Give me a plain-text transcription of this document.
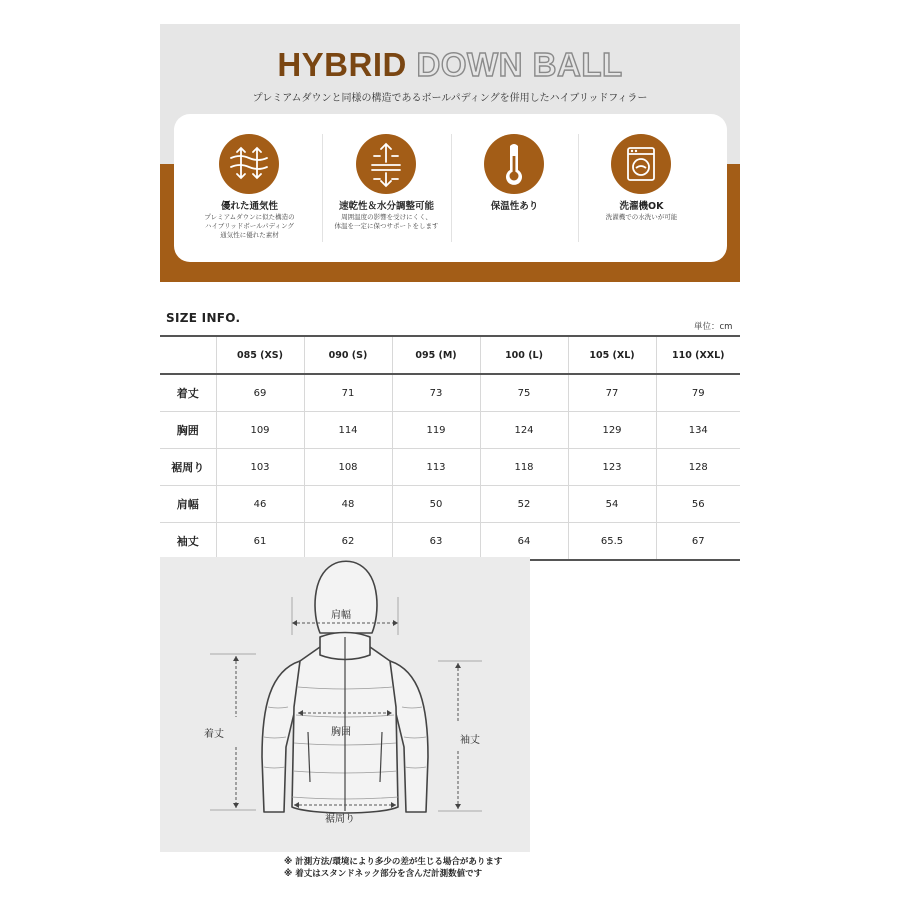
HYBRID DOWN BALL
プレミアムダウンと同様の構造であるボールパディングを併用したハイブリッドフィラー
優れた通気性
プレミアムダウンに似た構造の
ハイブリッドボールパディング
通気性に優れた素材
速乾性＆水分調整可能
周囲温度の影響を受けにくく、
体温を一定に保つサポートをします
保温性あり	洗濯機OK
洗濯機での水洗いが可能
SIZE INFO.
単位：cm
	085 (XS)	090 (S)	095 (M)	100 (L)	105 (XL)	110 (XXL)
着丈	69	71	73	75	77	79
胸囲	109	114	119	124	129	134
裾周り	103	108	113	118	123	128
肩幅	46	48	50	52	54	56
袖丈	61	62	63	64	65.5	67
肩幅
着丈	胸囲
袖丈
裾周り
※ 計測方法/環境により多少の差が生じる場合があります
※ 着丈はスタンドネック部分を含んだ計測数値です
